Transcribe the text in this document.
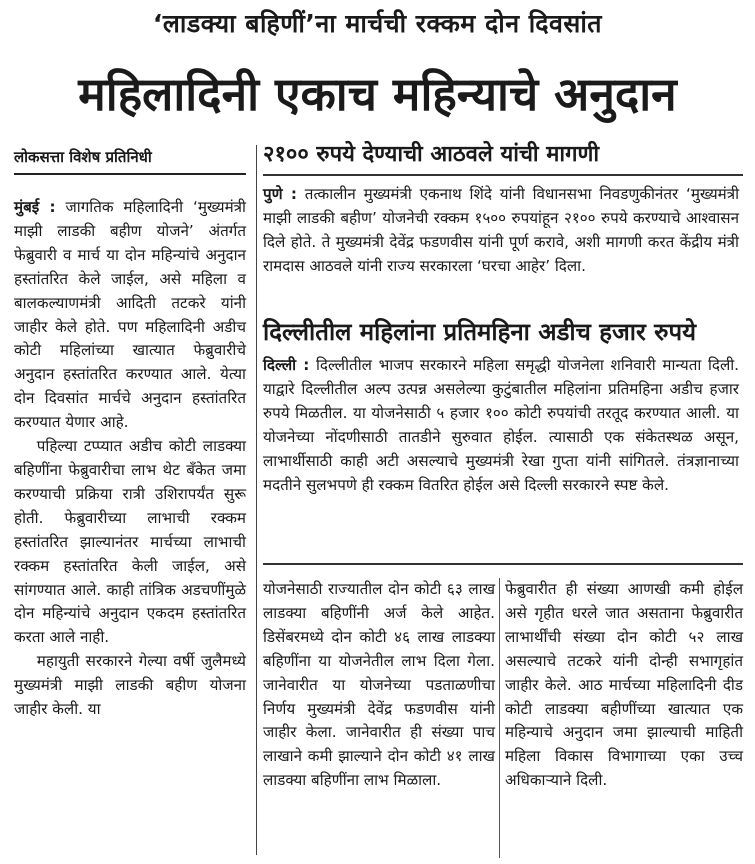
‘लाडक्या बहिणीं’ना मार्चची रक्कम दोन दिवसांत
महिलादिनी एकाच महिन्याचे अनुदान
लोकसत्ता विशेष प्रतिनिधी

मुंबई : जागतिक महिलादिनी ‘मुख्यमंत्री माझी लाडकी बहीण योजने’ अंतर्गत फेब्रुवारी व मार्च या दोन महिन्यांचे अनुदान हस्तांतरित केले जाईल, असे महिला व बालकल्याणमंत्री आदिती तटकरे यांनी जाहीर केले होते. पण महिलादिनी अडीच कोटी महिलांच्या खात्यात फेब्रुवारीचे अनुदान हस्तांतरित करण्यात आले. येत्या दोन दिवसांत मार्चचे अनुदान हस्तांतरित करण्यात येणार आहे.

पहिल्या टप्प्यात अडीच कोटी लाडक्या बहिणींना फेब्रुवारीचा लाभ थेट बँकेत जमा करण्याची प्रक्रिया रात्री उशिरापर्यंत सुरू होती. फेब्रुवारीच्या लाभाची रक्कम हस्तांतरित झाल्यानंतर मार्चच्या लाभाची रक्कम हस्तांतरित केली जाईल, असे सांगण्यात आले. काही तांत्रिक अडचणींमुळे दोन महिन्यांचे अनुदान एकदम हस्तांतरित करता आले नाही.

महायुती सरकारने गेल्या वर्षी जुलैमध्ये मुख्यमंत्री माझी लाडकी बहीण योजना जाहीर केली. या

२१०० रुपये देण्याची आठवले यांची मागणी

पुणे : तत्कालीन मुख्यमंत्री एकनाथ शिंदे यांनी विधानसभा निवडणुकीनंतर ‘मुख्यमंत्री माझी लाडकी बहीण’ योजनेची रक्कम १५०० रुपयांहून २१०० रुपये करण्याचे आश्वासन दिले होते. ते मुख्यमंत्री देवेंद्र फडणवीस यांनी पूर्ण करावे, अशी मागणी करत केंद्रीय मंत्री रामदास आठवले यांनी राज्य सरकारला ‘घरचा आहेर’ दिला.

दिल्लीतील महिलांना प्रतिमहिना अडीच हजार रुपये

दिल्ली : दिल्लीतील भाजप सरकारने महिला समृद्धी योजनेला शनिवारी मान्यता दिली. याद्वारे दिल्लीतील अल्प उत्पन्न असलेल्या कुटुंबातील महिलांना प्रतिमहिना अडीच हजार रुपये मिळतील. या योजनेसाठी ५ हजार १०० कोटी रुपयांची तरतूद करण्यात आली. या योजनेच्या नोंदणीसाठी तातडीने सुरुवात होईल. त्यासाठी एक संकेतस्थळ असून, लाभार्थीसाठी काही अटी असल्याचे मुख्यमंत्री रेखा गुप्ता यांनी सांगितले. तंत्रज्ञानाच्या मदतीने सुलभपणे ही रक्कम वितरित होईल असे दिल्ली सरकारने स्पष्ट केले.

योजनेसाठी राज्यातील दोन कोटी ६३ लाख लाडक्या बहिणींनी अर्ज केले आहेत. डिसेंबरमध्ये दोन कोटी ४६ लाख लाडक्या बहिणींना या योजनेतील लाभ दिला गेला. जानेवारीत या योजनेच्या पडताळणीचा निर्णय मुख्यमंत्री देवेंद्र फडणवीस यांनी जाहीर केला. जानेवारीत ही संख्या पाच लाखाने कमी झाल्याने दोन कोटी ४१ लाख लाडक्या बहिणींना लाभ मिळाला.
फेब्रुवारीत ही संख्या आणखी कमी होईल असे गृहीत धरले जात असताना फेब्रुवारीत लाभार्थींची संख्या दोन कोटी ५२ लाख असल्याचे तटकरे यांनी दोन्ही सभागृहांत जाहीर केले. आठ मार्चच्या महिलादिनी दीड कोटी लाडक्या बहीणींच्या खात्यात एक महिन्याचे अनुदान जमा झाल्याची माहिती महिला विकास विभागाच्या एका उच्च अधिकाऱ्याने दिली.
